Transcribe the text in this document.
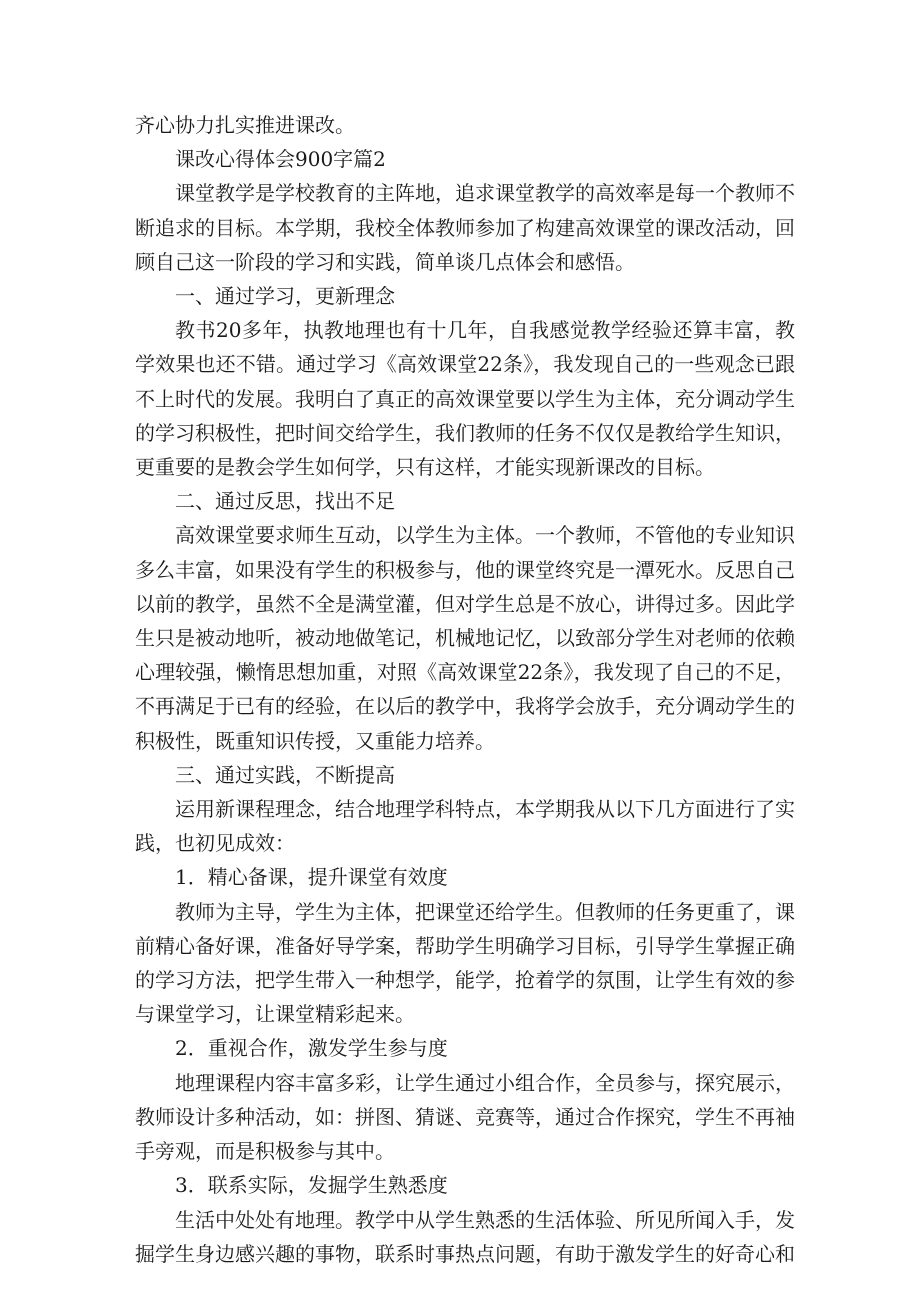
齐心协力扎实推进课改。

课改心得体会900字篇2

课堂教学是学校教育的主阵地，追求课堂教学的高效率是每一个教师不断追求的目标。本学期，我校全体教师参加了构建高效课堂的课改活动，回顾自己这一阶段的学习和实践，简单谈几点体会和感悟。

一、通过学习，更新理念

教书20多年，执教地理也有十几年，自我感觉教学经验还算丰富，教学效果也还不错。通过学习《高效课堂22条》，我发现自己的一些观念已跟不上时代的发展。我明白了真正的高效课堂要以学生为主体，充分调动学生的学习积极性，把时间交给学生，我们教师的任务不仅仅是教给学生知识，更重要的是教会学生如何学，只有这样，才能实现新课改的目标。

二、通过反思，找出不足

高效课堂要求师生互动，以学生为主体。一个教师，不管他的专业知识多么丰富，如果没有学生的积极参与，他的课堂终究是一潭死水。反思自己以前的教学，虽然不全是满堂灌，但对学生总是不放心，讲得过多。因此学生只是被动地听，被动地做笔记，机械地记忆，以致部分学生对老师的依赖心理较强，懒惰思想加重，对照《高效课堂22条》，我发现了自己的不足，不再满足于已有的经验，在以后的教学中，我将学会放手，充分调动学生的积极性，既重知识传授，又重能力培养。

三、通过实践，不断提高

运用新课程理念，结合地理学科特点，本学期我从以下几方面进行了实践，也初见成效：

1．精心备课，提升课堂有效度

教师为主导，学生为主体，把课堂还给学生。但教师的任务更重了，课前精心备好课，准备好导学案，帮助学生明确学习目标，引导学生掌握正确的学习方法，把学生带入一种想学，能学，抢着学的氛围，让学生有效的参与课堂学习，让课堂精彩起来。

2．重视合作，激发学生参与度

地理课程内容丰富多彩，让学生通过小组合作，全员参与，探究展示，教师设计多种活动，如：拼图、猜谜、竞赛等，通过合作探究，学生不再袖手旁观，而是积极参与其中。

3．联系实际，发掘学生熟悉度

生活中处处有地理。教学中从学生熟悉的生活体验、所见所闻入手，发掘学生身边感兴趣的事物，联系时事热点问题，有助于激发学生的好奇心和
